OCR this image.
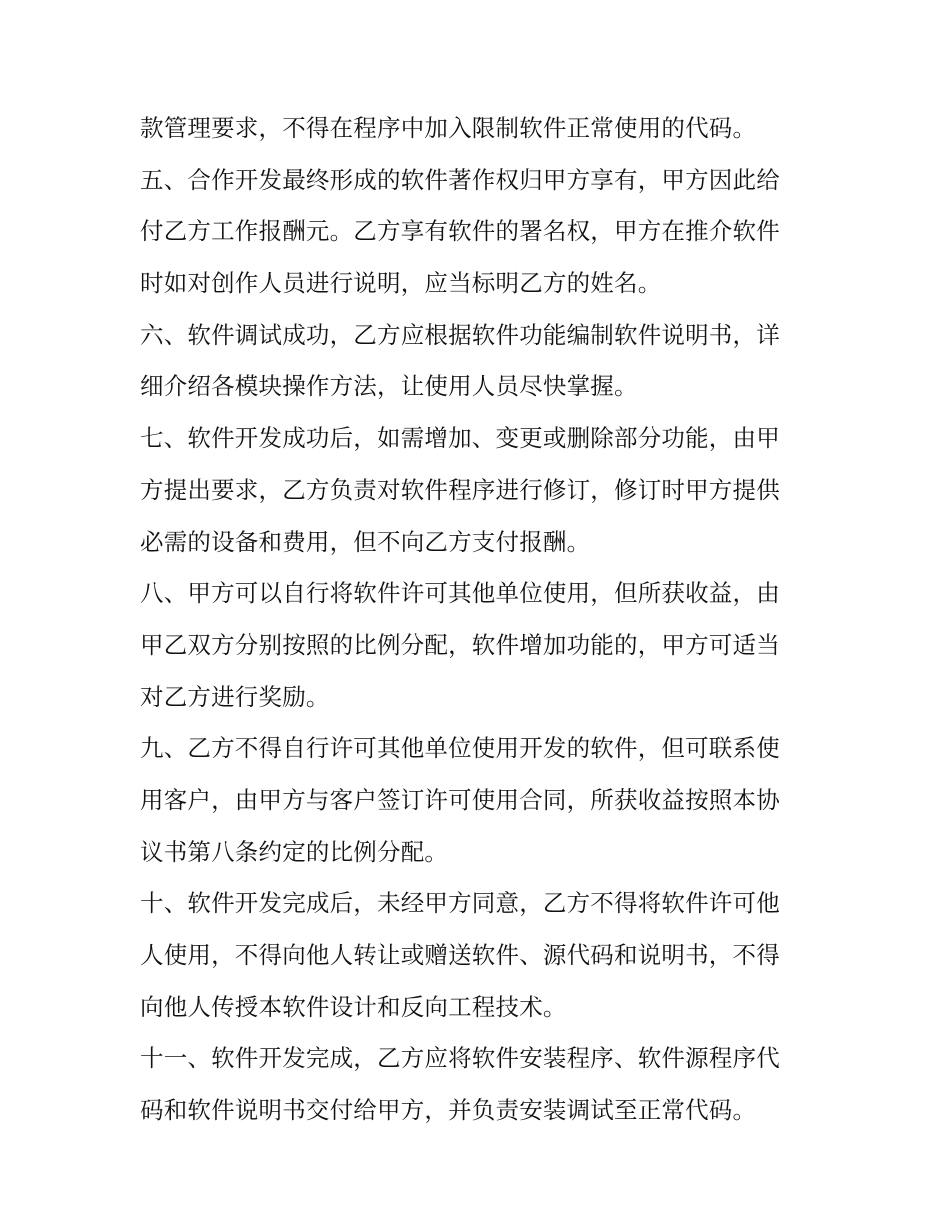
款管理要求，不得在程序中加入限制软件正常使用的代码。
五、合作开发最终形成的软件著作权归甲方享有，甲方因此给
付乙方工作报酬元。乙方享有软件的署名权，甲方在推介软件
时如对创作人员进行说明，应当标明乙方的姓名。
六、软件调试成功，乙方应根据软件功能编制软件说明书，详
细介绍各模块操作方法，让使用人员尽快掌握。
七、软件开发成功后，如需增加、变更或删除部分功能，由甲
方提出要求，乙方负责对软件程序进行修订，修订时甲方提供
必需的设备和费用，但不向乙方支付报酬。
八、甲方可以自行将软件许可其他单位使用，但所获收益，由
甲乙双方分别按照的比例分配，软件增加功能的，甲方可适当
对乙方进行奖励。
九、乙方不得自行许可其他单位使用开发的软件，但可联系使
用客户，由甲方与客户签订许可使用合同，所获收益按照本协
议书第八条约定的比例分配。
十、软件开发完成后，未经甲方同意，乙方不得将软件许可他
人使用，不得向他人转让或赠送软件、源代码和说明书，不得
向他人传授本软件设计和反向工程技术。
十一、软件开发完成，乙方应将软件安装程序、软件源程序代
码和软件说明书交付给甲方，并负责安装调试至正常代码。
